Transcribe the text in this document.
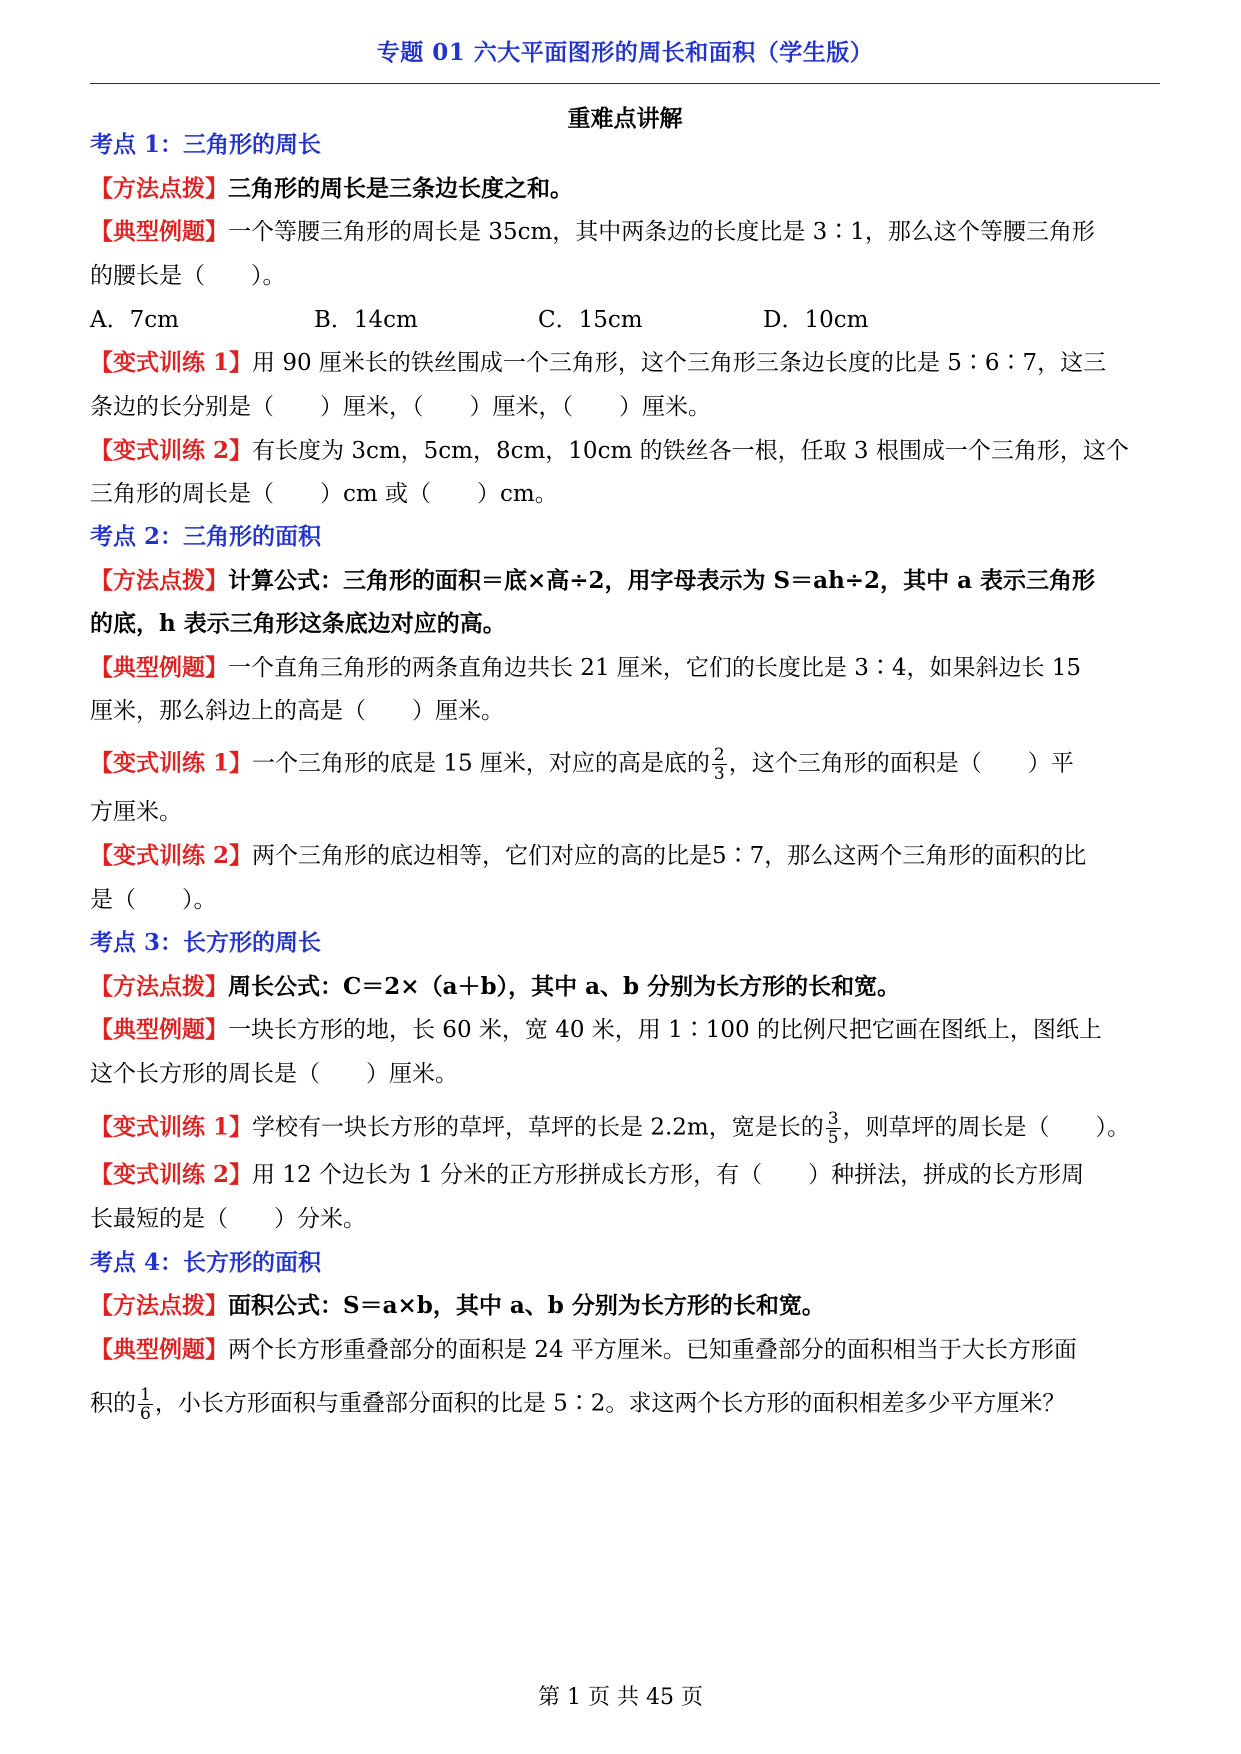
专题 01 六大平面图形的周长和面积（学生版）
重难点讲解
考点 1：三角形的周长
【方法点拨】三角形的周长是三条边长度之和。
【典型例题】一个等腰三角形的周长是 35cm，其中两条边的长度比是 3∶1，那么这个等腰三角形
的腰长是（　　）。
A．7cm	B．14cm	C．15cm	D．10cm
【变式训练 1】用 90 厘米长的铁丝围成一个三角形，这个三角形三条边长度的比是 5∶6∶7，这三
条边的长分别是（　　）厘米，（　　）厘米，（　　）厘米。
【变式训练 2】有长度为 3cm，5cm，8cm，10cm 的铁丝各一根，任取 3 根围成一个三角形，这个
三角形的周长是（　　）cm 或（　　）cm。
考点 2：三角形的面积
【方法点拨】计算公式：三角形的面积＝底×高÷2，用字母表示为 S＝ah÷2，其中 a 表示三角形
的底，h 表示三角形这条底边对应的高。
【典型例题】一个直角三角形的两条直角边共长 21 厘米，它们的长度比是 3∶4，如果斜边长 15
厘米，那么斜边上的高是（　　）厘米。
【变式训练 1】一个三角形的底是 15 厘米，对应的高是底的 $\frac{2}{3}$ ，这个三角形的面积是（　　）平
方厘米。
【变式训练 2】两个三角形的底边相等，它们对应的高的比是5∶7，那么这两个三角形的面积的比
是（　　）。
考点 3：长方形的周长
【方法点拨】周长公式：C＝2×（a＋b），其中 a、b 分别为长方形的长和宽。
【典型例题】一块长方形的地，长 60 米，宽 40 米，用 1∶100 的比例尺把它画在图纸上，图纸上
这个长方形的周长是（　　）厘米。
【变式训练 1】学校有一块长方形的草坪，草坪的长是 2.2m，宽是长的 $\frac{3}{5}$ ，则草坪的周长是（　　）。
【变式训练 2】用 12 个边长为 1 分米的正方形拼成长方形，有（　　）种拼法，拼成的长方形周
长最短的是（　　）分米。
考点 4：长方形的面积
【方法点拨】面积公式：S＝a×b，其中 a、b 分别为长方形的长和宽。
【典型例题】两个长方形重叠部分的面积是 24 平方厘米。已知重叠部分的面积相当于大长方形面
积的 $\frac{1}{6}$ ，小长方形面积与重叠部分面积的比是 5∶2。求这两个长方形的面积相差多少平方厘米？
第 1 页 共 45 页
